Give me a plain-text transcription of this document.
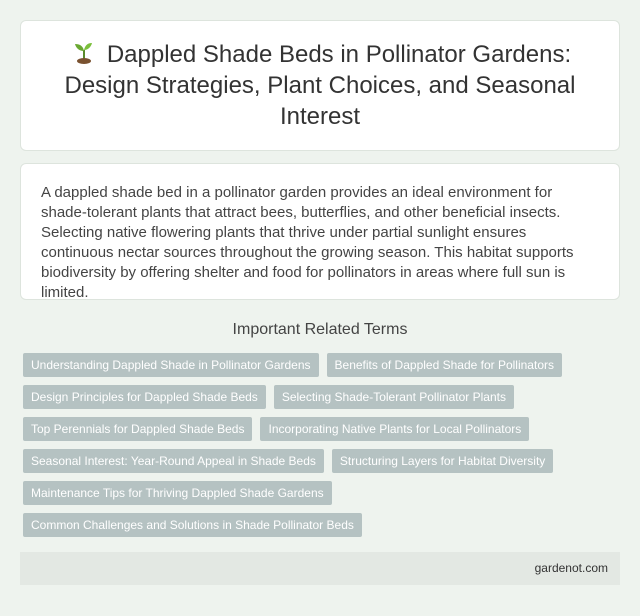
Dappled Shade Beds in Pollinator Gardens: Design Strategies, Plant Choices, and Seasonal Interest

A dappled shade bed in a pollinator garden provides an ideal environment for shade-tolerant plants that attract bees, butterflies, and other beneficial insects. Selecting native flowering plants that thrive under partial sunlight ensures continuous nectar sources throughout the growing season. This habitat supports biodiversity by offering shelter and food for pollinators in areas where full sun is limited.

Important Related Terms
Understanding Dappled Shade in Pollinator Gardens	Benefits of Dappled Shade for Pollinators
Design Principles for Dappled Shade Beds	Selecting Shade-Tolerant Pollinator Plants
Top Perennials for Dappled Shade Beds	Incorporating Native Plants for Local Pollinators
Seasonal Interest: Year-Round Appeal in Shade Beds	Structuring Layers for Habitat Diversity
Maintenance Tips for Thriving Dappled Shade Gardens
Common Challenges and Solutions in Shade Pollinator Beds
gardenot.com
